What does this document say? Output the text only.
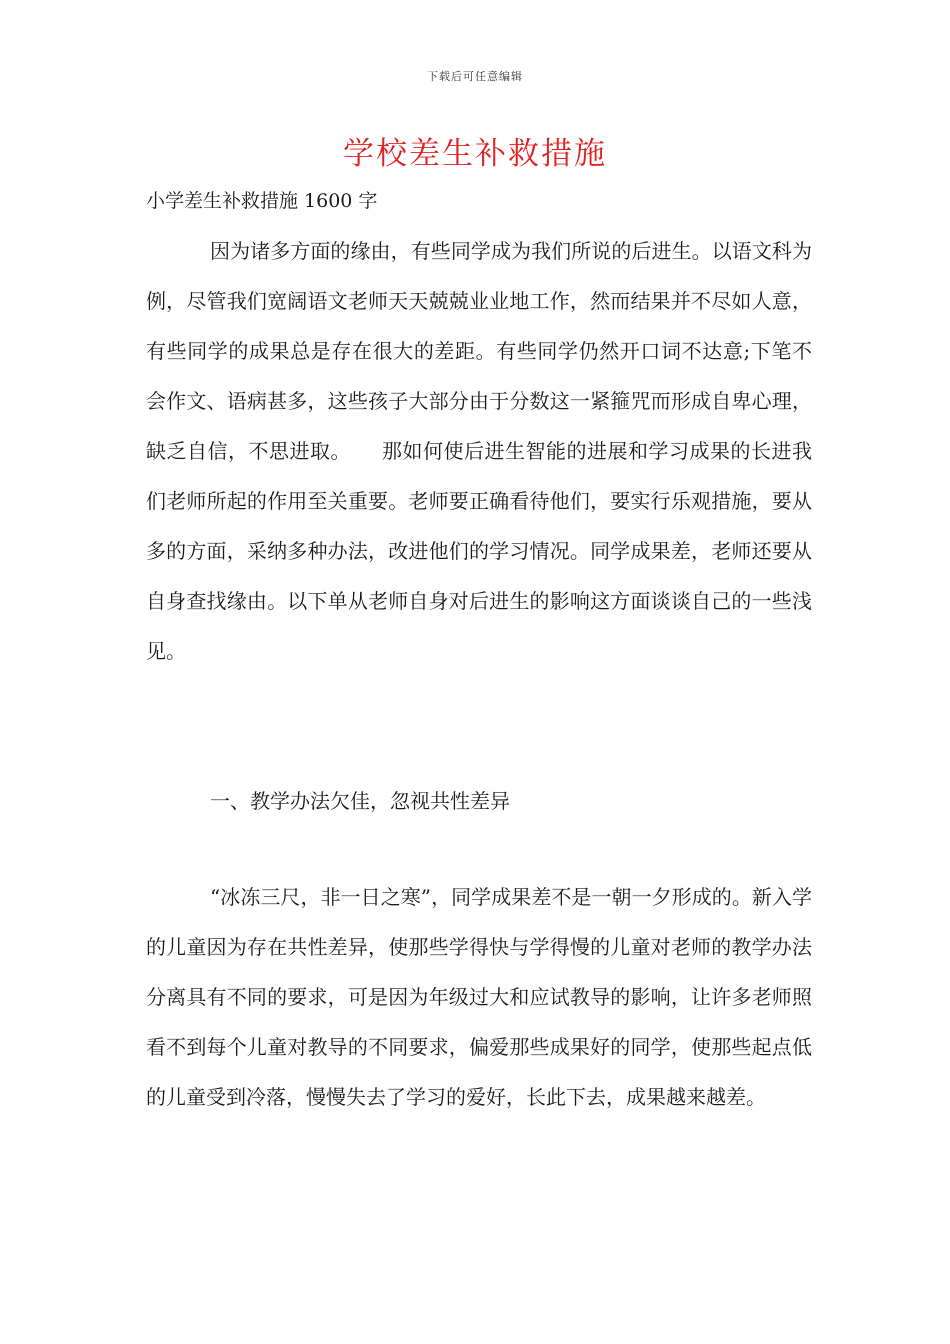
下载后可任意编辑
学校差生补救措施
小学差生补救措施 1600 字

因为诸多方面的缘由，有些同学成为我们所说的后进生。以语文科为例，尽管我们宽阔语文老师天天兢兢业业地工作，然而结果并不尽如人意，有些同学的成果总是存在很大的差距。有些同学仍然开口词不达意;下笔不会作文、语病甚多，这些孩子大部分由于分数这一紧箍咒而形成自卑心理，缺乏自信，不思进取。　　那如何使后进生智能的进展和学习成果的长进我们老师所起的作用至关重要。老师要正确看待他们，要实行乐观措施，要从多的方面，采纳多种办法，改进他们的学习情况。同学成果差，老师还要从自身查找缘由。以下单从老师自身对后进生的影响这方面谈谈自己的一些浅见。

一、教学办法欠佳，忽视共性差异

“冰冻三尺，非一日之寒”，同学成果差不是一朝一夕形成的。新入学的儿童因为存在共性差异，使那些学得快与学得慢的儿童对老师的教学办法分离具有不同的要求，可是因为年级过大和应试教导的影响，让许多老师照看不到每个儿童对教导的不同要求，偏爱那些成果好的同学，使那些起点低的儿童受到冷落，慢慢失去了学习的爱好，长此下去，成果越来越差。
